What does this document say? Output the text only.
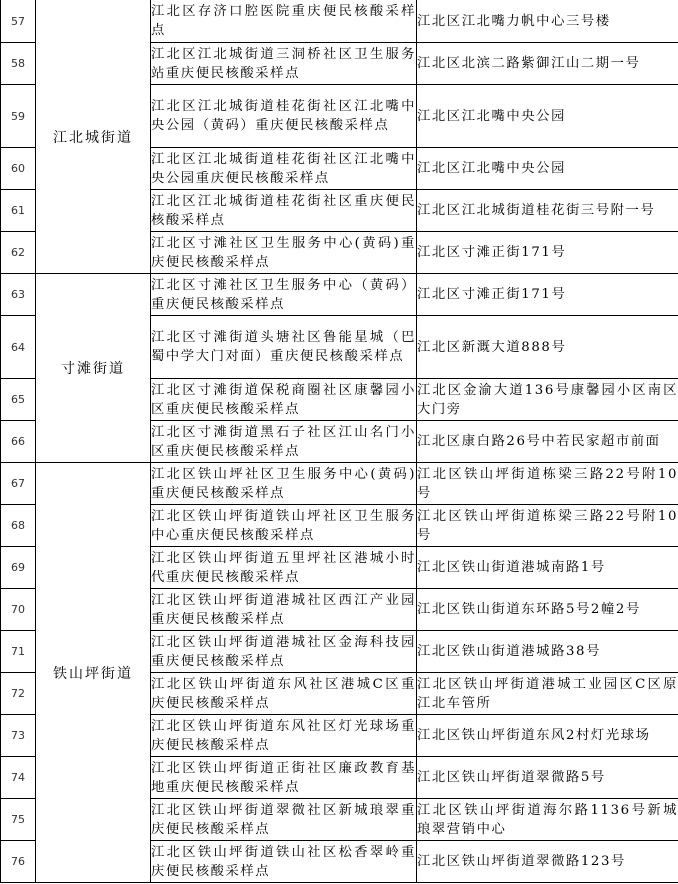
57	江北城街道	江北区存济口腔医院重庆便民核酸采样点	江北区江北嘴力帆中心三号楼
58		江北区江北城街道三洞桥社区卫生服务站重庆便民核酸采样点	江北区北滨二路紫御江山二期一号
59		江北区江北城街道桂花街社区江北嘴中央公园（黄码）重庆便民核酸采样点	江北区江北嘴中央公园
60		江北区江北城街道桂花街社区江北嘴中央公园重庆便民核酸采样点	江北区江北嘴中央公园
61		江北区江北城街道桂花街社区重庆便民核酸采样点	江北区江北城街道桂花街三号附一号
62		江北区寸滩社区卫生服务中心(黄码)重庆便民核酸采样点	江北区寸滩正街171号
63	寸滩街道	江北区寸滩社区卫生服务中心（黄码）重庆便民核酸采样点	江北区寸滩正街171号
64		江北区寸滩街道头塘社区鲁能星城（巴蜀中学大门对面）重庆便民核酸采样点	江北区新溉大道888号
65		江北区寸滩街道保税商圈社区康馨园小区重庆便民核酸采样点	江北区金渝大道136号康馨园小区南区大门旁
66		江北区寸滩街道黑石子社区江山名门小区重庆便民核酸采样点	江北区康白路26号中若民家超市前面
67	铁山坪街道	江北区铁山坪社区卫生服务中心(黄码)重庆便民核酸采样点	江北区铁山坪街道栋梁三路22号附10号
68		江北区铁山坪街道铁山坪社区卫生服务中心重庆便民核酸采样点	江北区铁山坪街道栋梁三路22号附10号
69		江北区铁山坪街道五里坪社区港城小时代重庆便民核酸采样点	江北区铁山街道港城南路1号
70		江北区铁山坪街道港城社区西江产业园重庆便民核酸采样点	江北区铁山街道东环路5号2幢2号
71		江北区铁山坪街道港城社区金海科技园重庆便民核酸采样点	江北区铁山街道港城路38号
72		江北区铁山坪街道东风社区港城C区重庆便民核酸采样点	江北区铁山坪街道港城工业园区C区原江北车管所
73		江北区铁山坪街道东风社区灯光球场重庆便民核酸采样点	江北区铁山坪街道东风2村灯光球场
74		江北区铁山坪街道正街社区廉政教育基地重庆便民核酸采样点	江北区铁山坪街道翠微路5号
75		江北区铁山坪街道翠微社区新城琅翠重庆便民核酸采样点	江北区铁山坪街道海尔路1136号新城琅翠营销中心
76		江北区铁山坪街道铁山社区松香翠岭重庆便民核酸采样点	江北区铁山坪街道翠微路123号
